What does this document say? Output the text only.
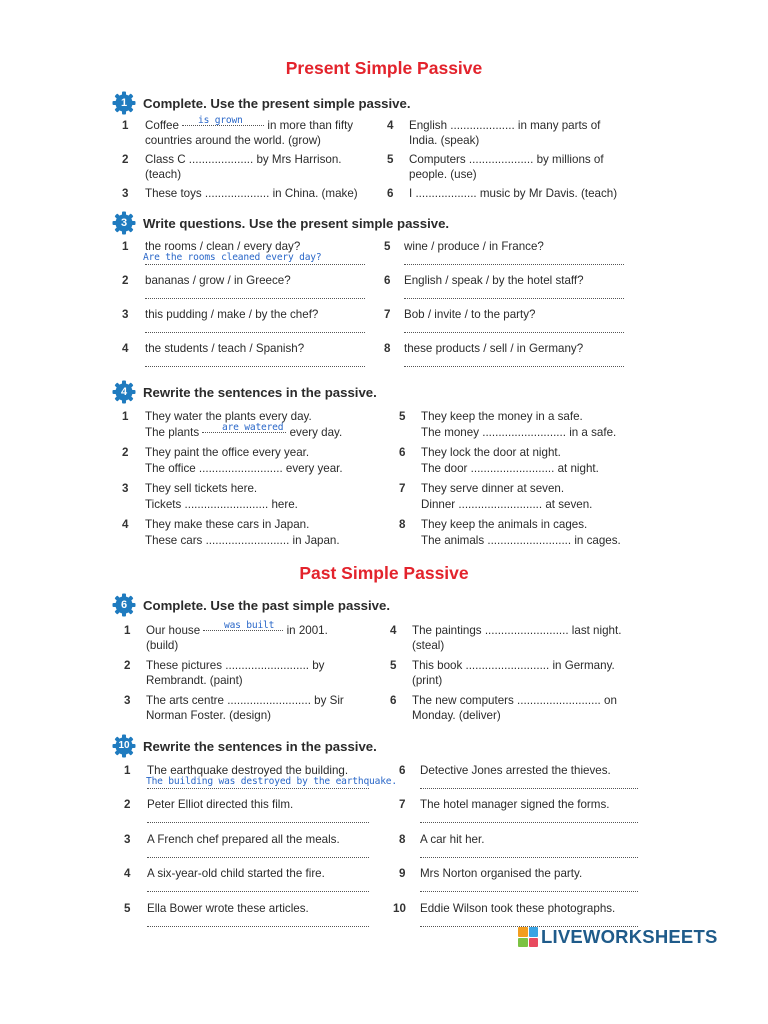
Present Simple Passive
1	Complete. Use the present simple passive.
1 Coffee	in more than fifty
is grown
countries around the world. (grow)
2 Class C .................... by Mrs Harrison.
(teach)
3 These toys .................... in China. (make)
4 English .................... in many parts of
India. (speak)
5 Computers .................... by millions of
people. (use)
6 I ................... music by Mr Davis. (teach)
3	Write questions. Use the present simple passive.
1 the rooms / clean / every day?
Are the rooms cleaned every day?
2 bananas / grow / in Greece?
3 this pudding / make / by the chef?
4 the students / teach / Spanish?
5 wine / produce / in France?
6 English / speak / by the hotel staff?
7 Bob / invite / to the party?
8 these products / sell / in Germany?
4	Rewrite the sentences in the passive.
1 They water the plants every day.
The plants	every day.
are watered
2 They paint the office every year.
The office .......................... every year.
3 They sell tickets here.
Tickets .......................... here.
4 They make these cars in Japan.
These cars .......................... in Japan.
5 They keep the money in a safe.
The money .......................... in a safe.
6 They lock the door at night.
The door .......................... at night.
7 They serve dinner at seven.
Dinner .......................... at seven.
8 They keep the animals in cages.
The animals .......................... in cages.
Past Simple Passive
6	Complete. Use the past simple passive.
1 Our house	in 2001.
was built
(build)
2 These pictures .......................... by
Rembrandt. (paint)
3 The arts centre .......................... by Sir
Norman Foster. (design)
4 The paintings .......................... last night.
(steal)
5 This book .......................... in Germany.
(print)
6 The new computers .......................... on
Monday. (deliver)
10	Rewrite the sentences in the passive.
1 The earthquake destroyed the building.
The building was destroyed by the earthquake.
2 Peter Elliot directed this film.
3 A French chef prepared all the meals.
4 A six-year-old child started the fire.
5 Ella Bower wrote these articles.
6 Detective Jones arrested the thieves.
7 The hotel manager signed the forms.
8 A car hit her.
9 Mrs Norton organised the party.
10 Eddie Wilson took these photographs.
LIVEWORKSHEETS
